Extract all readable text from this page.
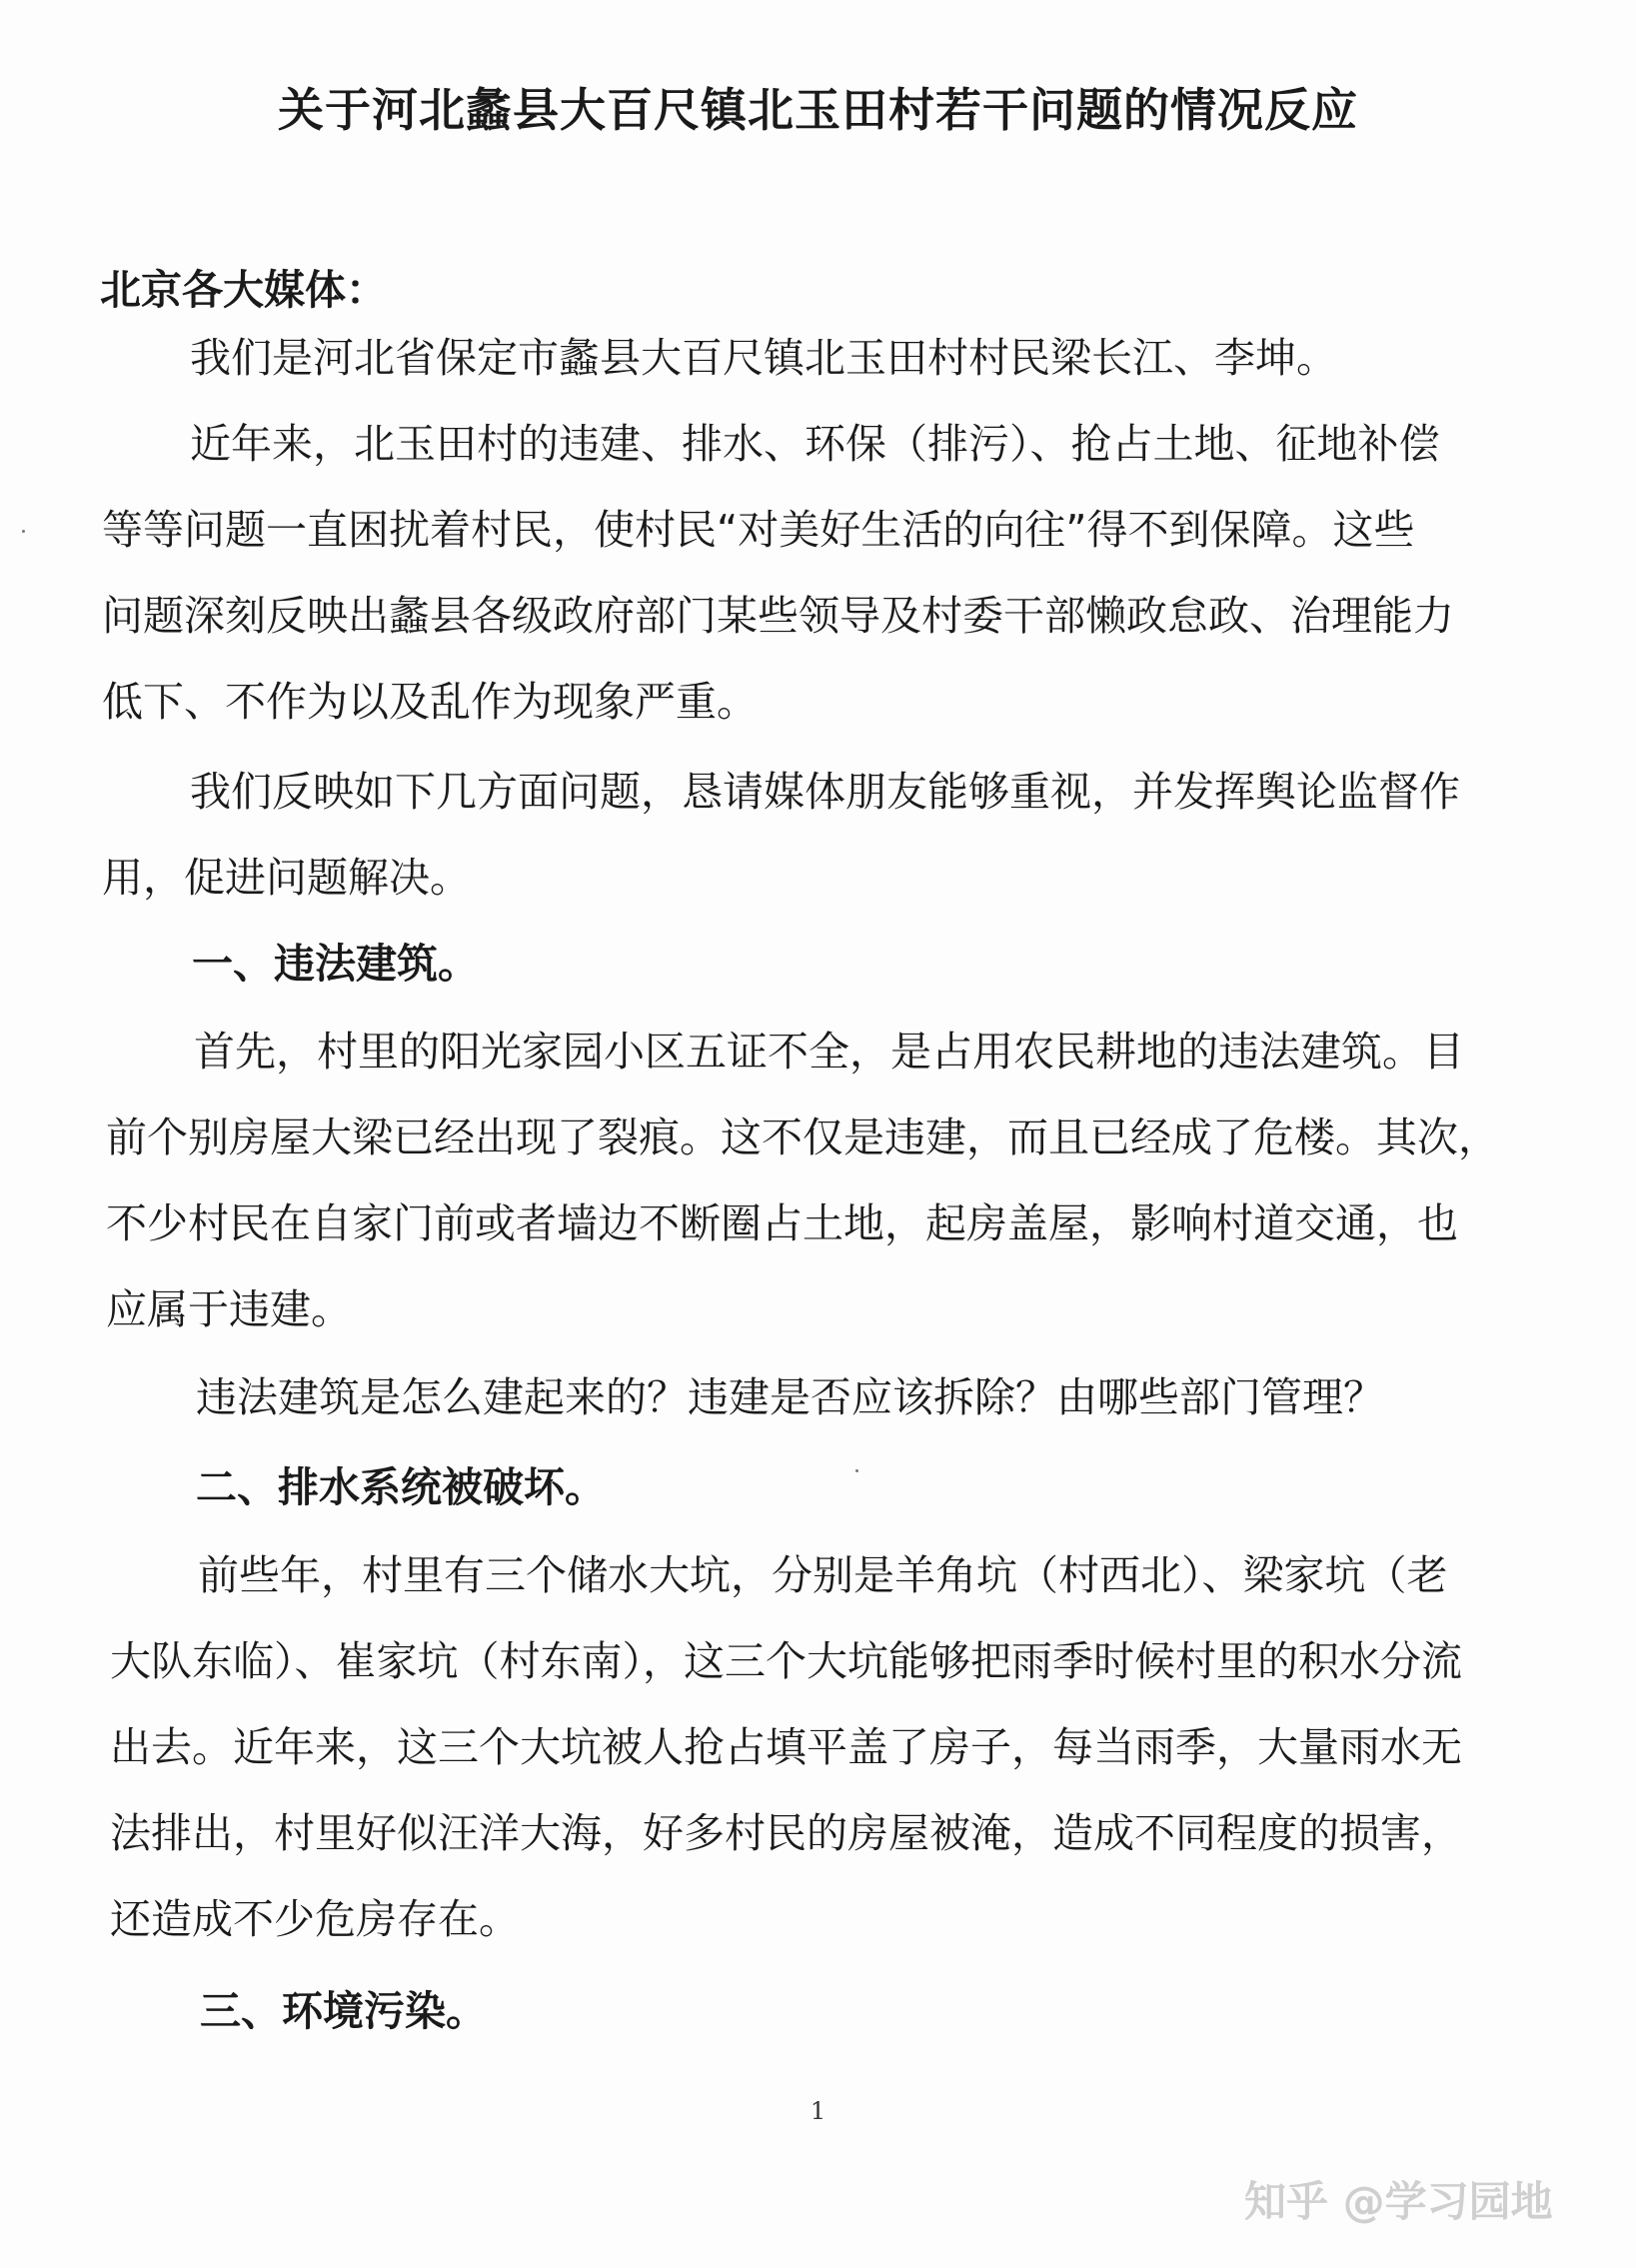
关于河北蠡县大百尺镇北玉田村若干问题的情况反应
北京各大媒体：
我们是河北省保定市蠡县大百尺镇北玉田村村民梁长江、李坤。
近年来，北玉田村的违建、排水、环保（排污）、抢占土地、征地补偿
等等问题一直困扰着村民，使村民“对美好生活的向往”得不到保障。这些
问题深刻反映出蠡县各级政府部门某些领导及村委干部懒政怠政、治理能力
低下、不作为以及乱作为现象严重。
我们反映如下几方面问题，恳请媒体朋友能够重视，并发挥舆论监督作
用，促进问题解决。
一、违法建筑。
首先，村里的阳光家园小区五证不全，是占用农民耕地的违法建筑。目
前个别房屋大梁已经出现了裂痕。这不仅是违建，而且已经成了危楼。其次，
不少村民在自家门前或者墙边不断圈占土地，起房盖屋，影响村道交通，也
应属于违建。
违法建筑是怎么建起来的？违建是否应该拆除？由哪些部门管理？
二、排水系统被破坏。
前些年，村里有三个储水大坑，分别是羊角坑（村西北）、梁家坑（老
大队东临）、崔家坑（村东南），这三个大坑能够把雨季时候村里的积水分流
出去。近年来，这三个大坑被人抢占填平盖了房子，每当雨季，大量雨水无
法排出，村里好似汪洋大海，好多村民的房屋被淹，造成不同程度的损害，
还造成不少危房存在。
三、环境污染。
1
知乎 @学习园地
